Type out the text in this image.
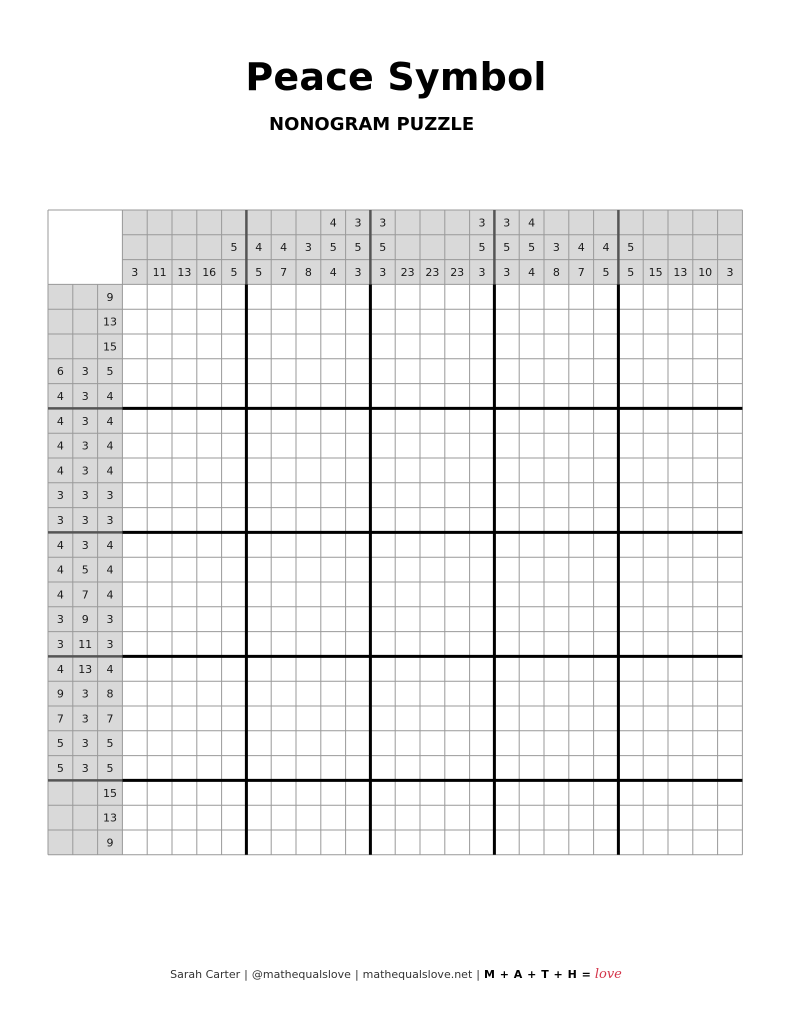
Peace Symbol
NONOGRAM PUZZLE
3 11 13 16
5
5
4
5
4
7
3
8
4
5
4
3
5
3
3
5
3 23 23 23
3
5
3
3
5
3
4
5
4
3
8
4
7
4
5
5
5 15 13 10 3
9
13
15
6 3 5
4 3 4
4 3 4
4 3 4
4 3 4
3 3 3
3 3 3
4 3 4
4 5 4
4 7 4
3 9 3
3 11 3
4 13 4
9 3 8
7 3 7
5 3 5
5 3 5
15
13
9
Sarah Carter | @mathequalslove | mathequalslove.net | M + A + T + H = love
